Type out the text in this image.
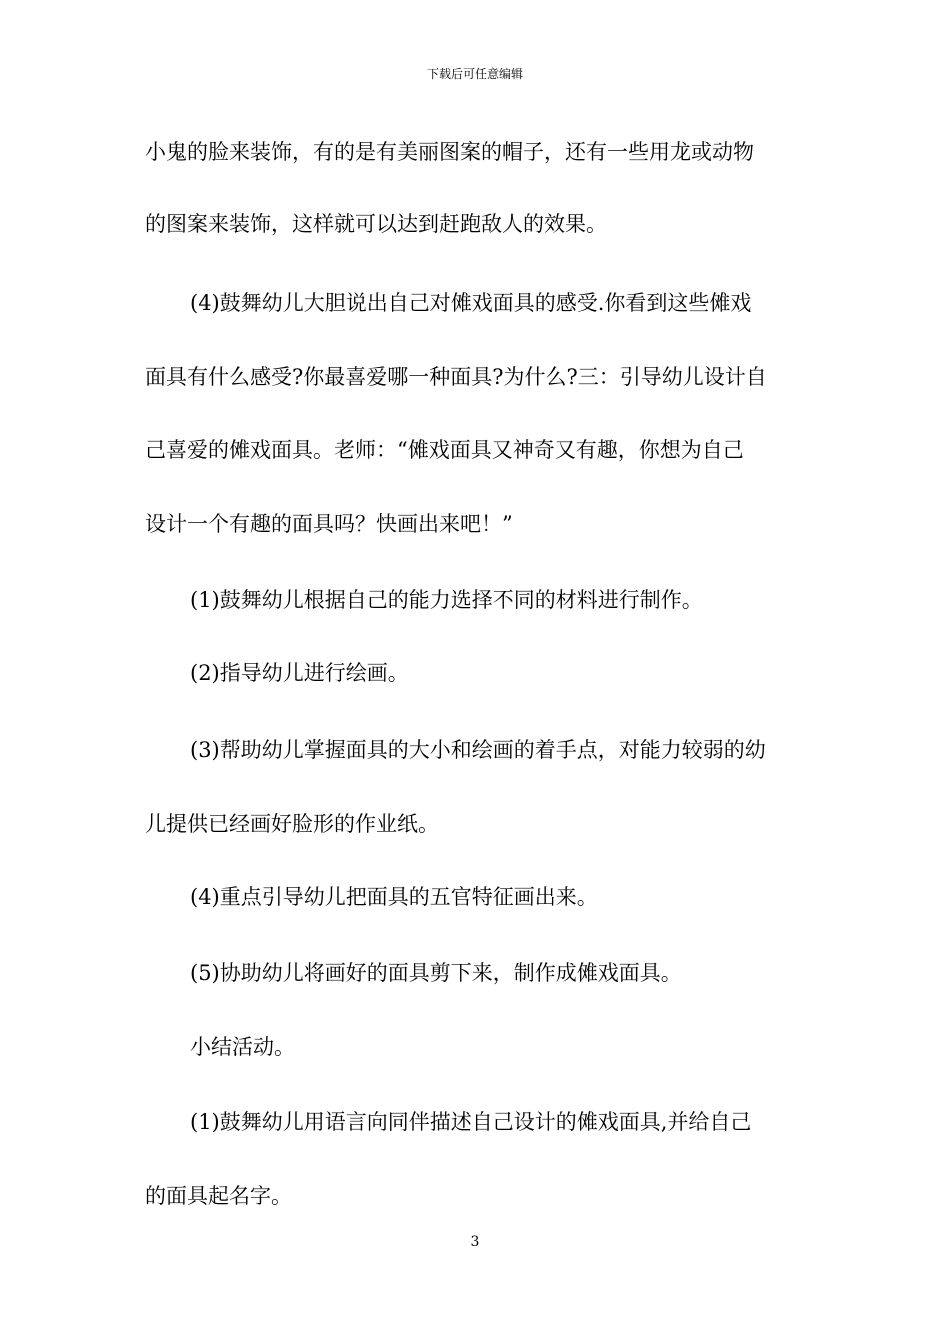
下载后可任意编辑
小鬼的脸来装饰，有的是有美丽图案的帽子，还有一些用龙或动物
的图案来装饰，这样就可以达到赶跑敌人的效果。
(4)鼓舞幼儿大胆说出自己对傩戏面具的感受.你看到这些傩戏
面具有什么感受?你最喜爱哪一种面具?为什么?三：引导幼儿设计自
己喜爱的傩戏面具。老师：“傩戏面具又神奇又有趣，你想为自己
设计一个有趣的面具吗？快画出来吧！”
(1)鼓舞幼儿根据自己的能力选择不同的材料进行制作。
(2)指导幼儿进行绘画。
(3)帮助幼儿掌握面具的大小和绘画的着手点，对能力较弱的幼
儿提供已经画好脸形的作业纸。
(4)重点引导幼儿把面具的五官特征画出来。
(5)协助幼儿将画好的面具剪下来，制作成傩戏面具。
小结活动。
(1)鼓舞幼儿用语言向同伴描述自己设计的傩戏面具,并给自己
的面具起名字。
3
